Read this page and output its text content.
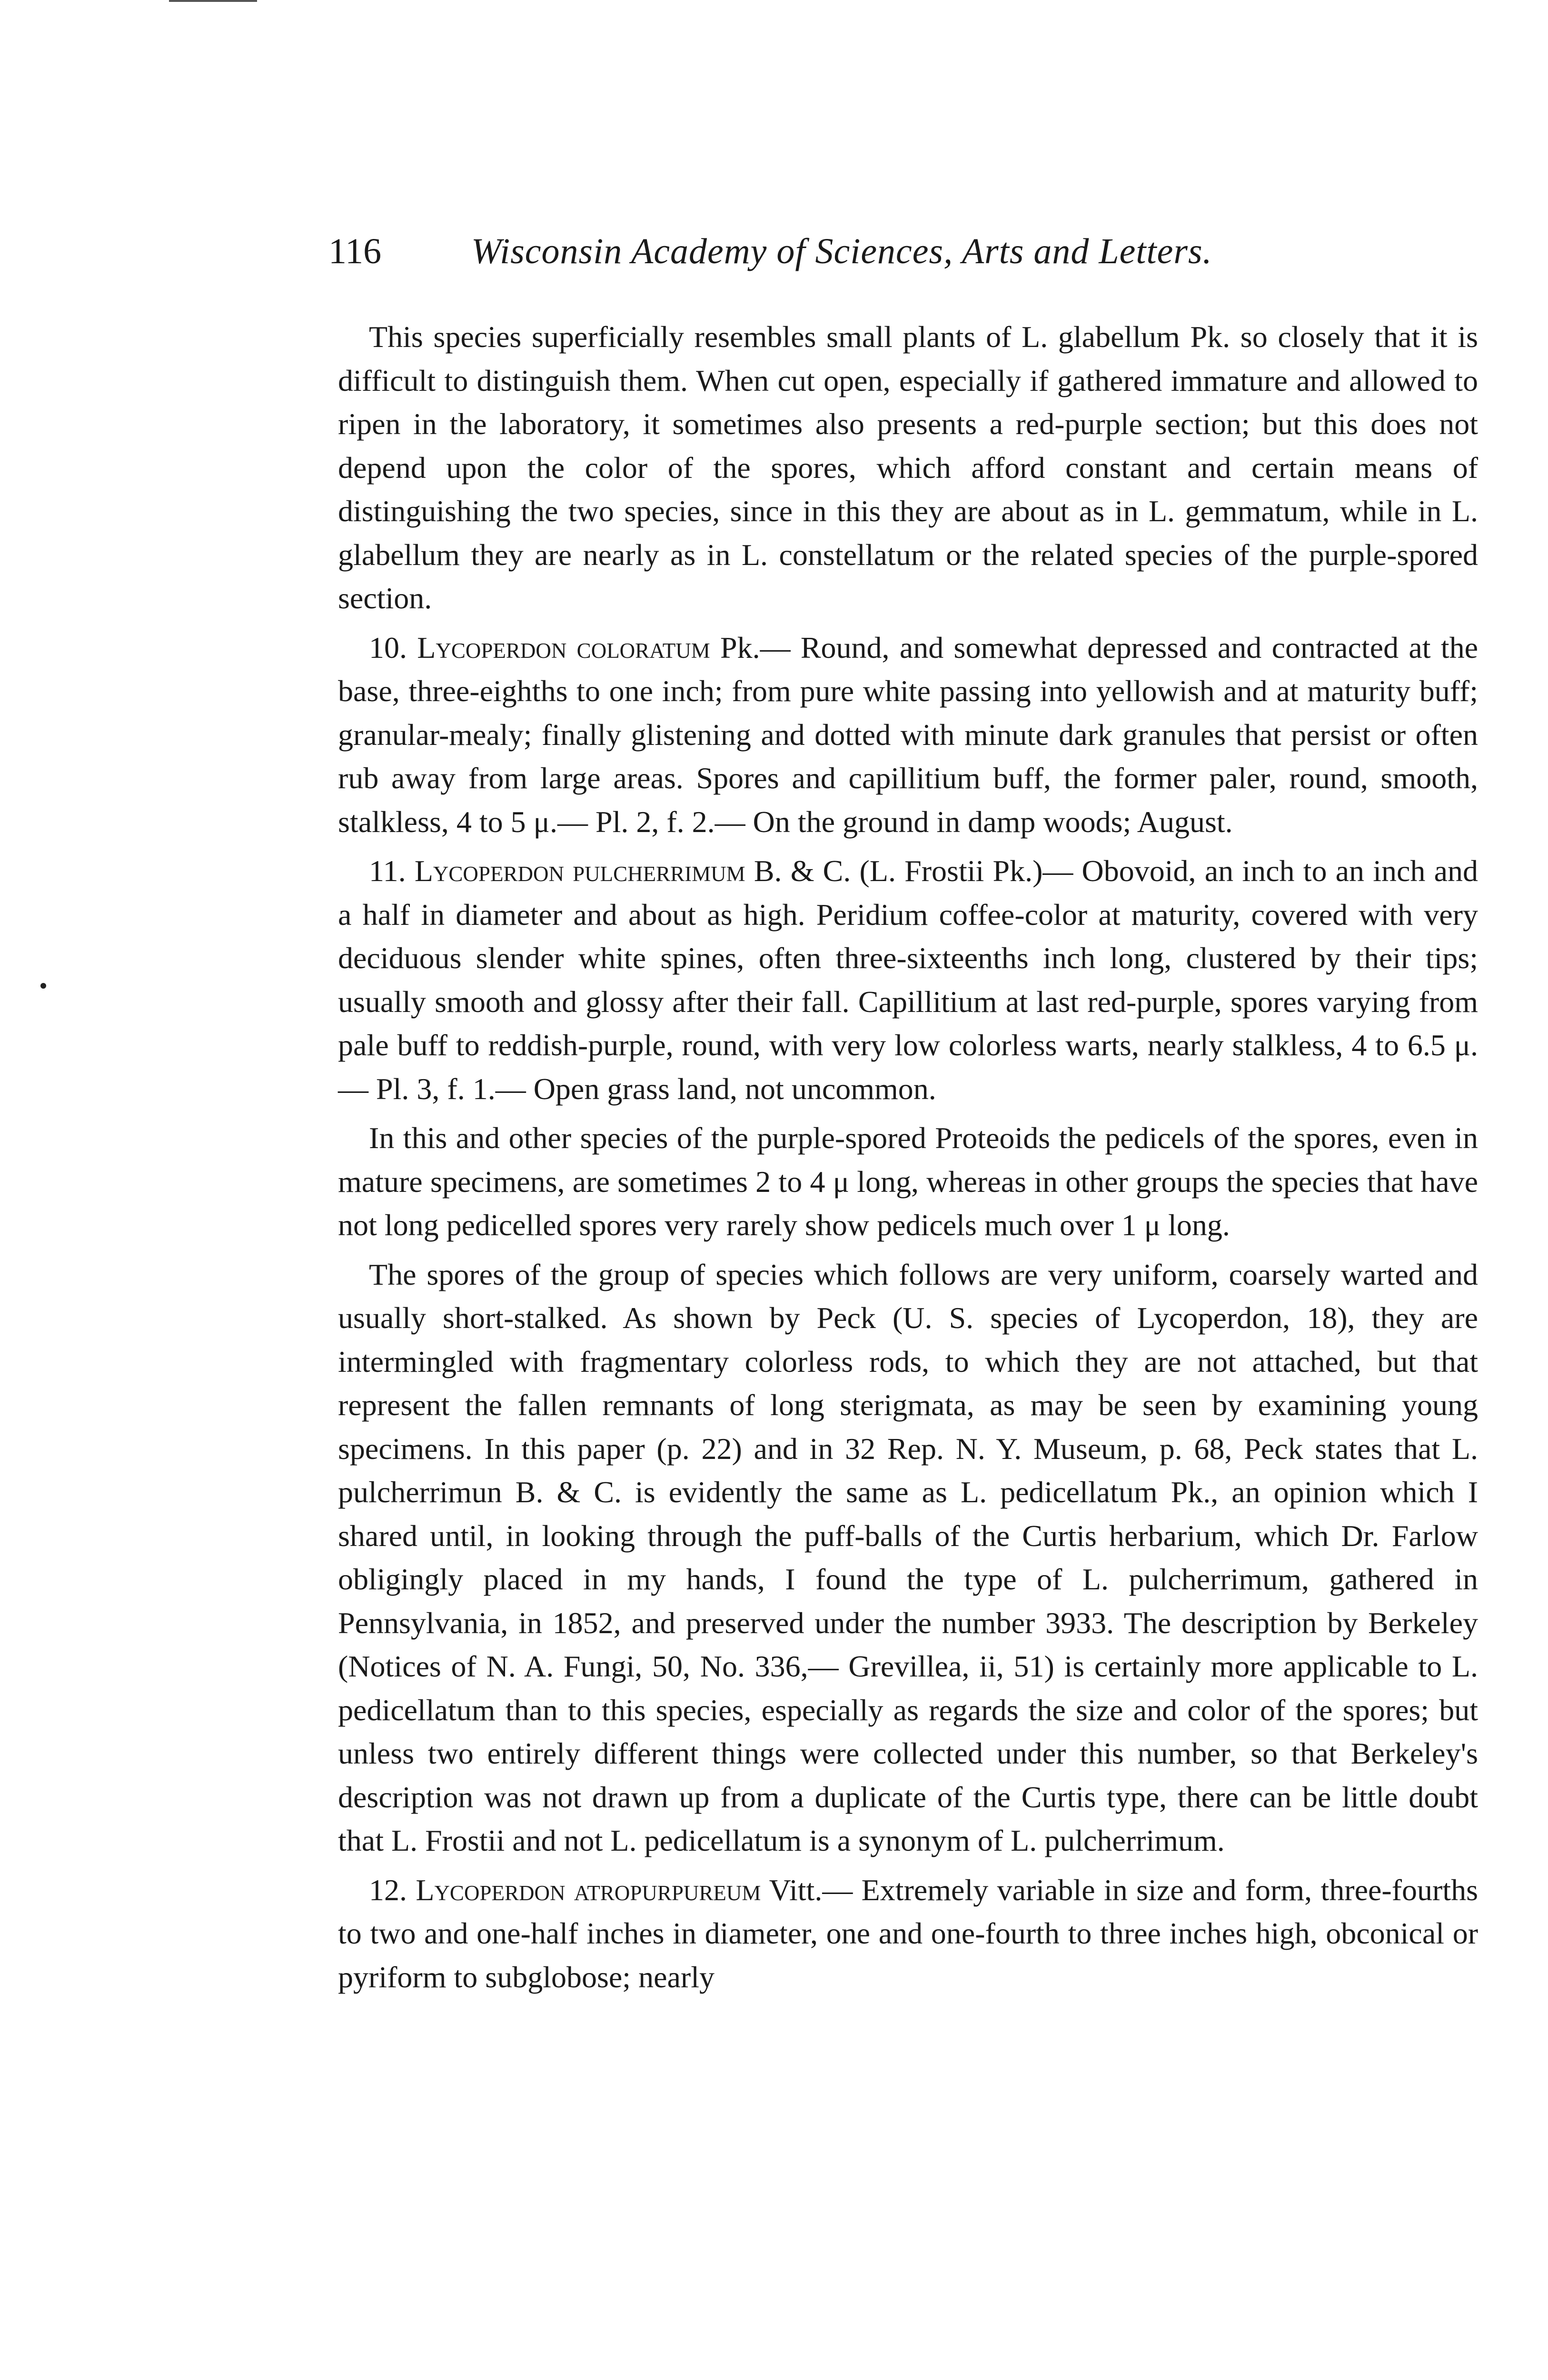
116 Wisconsin Academy of Sciences, Arts and Letters.

This species superficially resembles small plants of L. glabellum Pk. so closely that it is difficult to distinguish them. When cut open, especially if gathered immature and allowed to ripen in the laboratory, it sometimes also presents a red-purple section; but this does not depend upon the color of the spores, which afford constant and certain means of distinguishing the two species, since in this they are about as in L. gemmatum, while in L. glabellum they are nearly as in L. constellatum or the related species of the purple-spored section.

10. Lycoperdon coloratum Pk.— Round, and somewhat depressed and contracted at the base, three-eighths to one inch; from pure white passing into yellowish and at maturity buff; granular-mealy; finally glistening and dotted with minute dark granules that persist or often rub away from large areas. Spores and capillitium buff, the former paler, round, smooth, stalkless, 4 to 5 μ.— Pl. 2, f. 2.— On the ground in damp woods; August.

11. Lycoperdon pulcherrimum B. & C. (L. Frostii Pk.)— Obovoid, an inch to an inch and a half in diameter and about as high. Peridium coffee-color at maturity, covered with very deciduous slender white spines, often three-sixteenths inch long, clustered by their tips; usually smooth and glossy after their fall. Capillitium at last red-purple, spores varying from pale buff to reddish-purple, round, with very low colorless warts, nearly stalkless, 4 to 6.5 μ.— Pl. 3, f. 1.— Open grass land, not uncommon.

In this and other species of the purple-spored Proteoids the pedicels of the spores, even in mature specimens, are sometimes 2 to 4 μ long, whereas in other groups the species that have not long pedicelled spores very rarely show pedicels much over 1 μ long.

The spores of the group of species which follows are very uniform, coarsely warted and usually short-stalked. As shown by Peck (U. S. species of Lycoperdon, 18), they are intermingled with fragmentary colorless rods, to which they are not attached, but that represent the fallen remnants of long sterigmata, as may be seen by examining young specimens. In this paper (p. 22) and in 32 Rep. N. Y. Museum, p. 68, Peck states that L. pulcherrimun B. & C. is evidently the same as L. pedicellatum Pk., an opinion which I shared until, in looking through the puff-balls of the Curtis herbarium, which Dr. Farlow obligingly placed in my hands, I found the type of L. pulcherrimum, gathered in Pennsylvania, in 1852, and preserved under the number 3933. The description by Berkeley (Notices of N. A. Fungi, 50, No. 336,— Grevillea, ii, 51) is certainly more applicable to L. pedicellatum than to this species, especially as regards the size and color of the spores; but unless two entirely different things were collected under this number, so that Berkeley's description was not drawn up from a duplicate of the Curtis type, there can be little doubt that L. Frostii and not L. pedicellatum is a synonym of L. pulcherrimum.

12. Lycoperdon atropurpureum Vitt.— Extremely variable in size and form, three-fourths to two and one-half inches in diameter, one and one-fourth to three inches high, obconical or pyriform to subglobose; nearly
